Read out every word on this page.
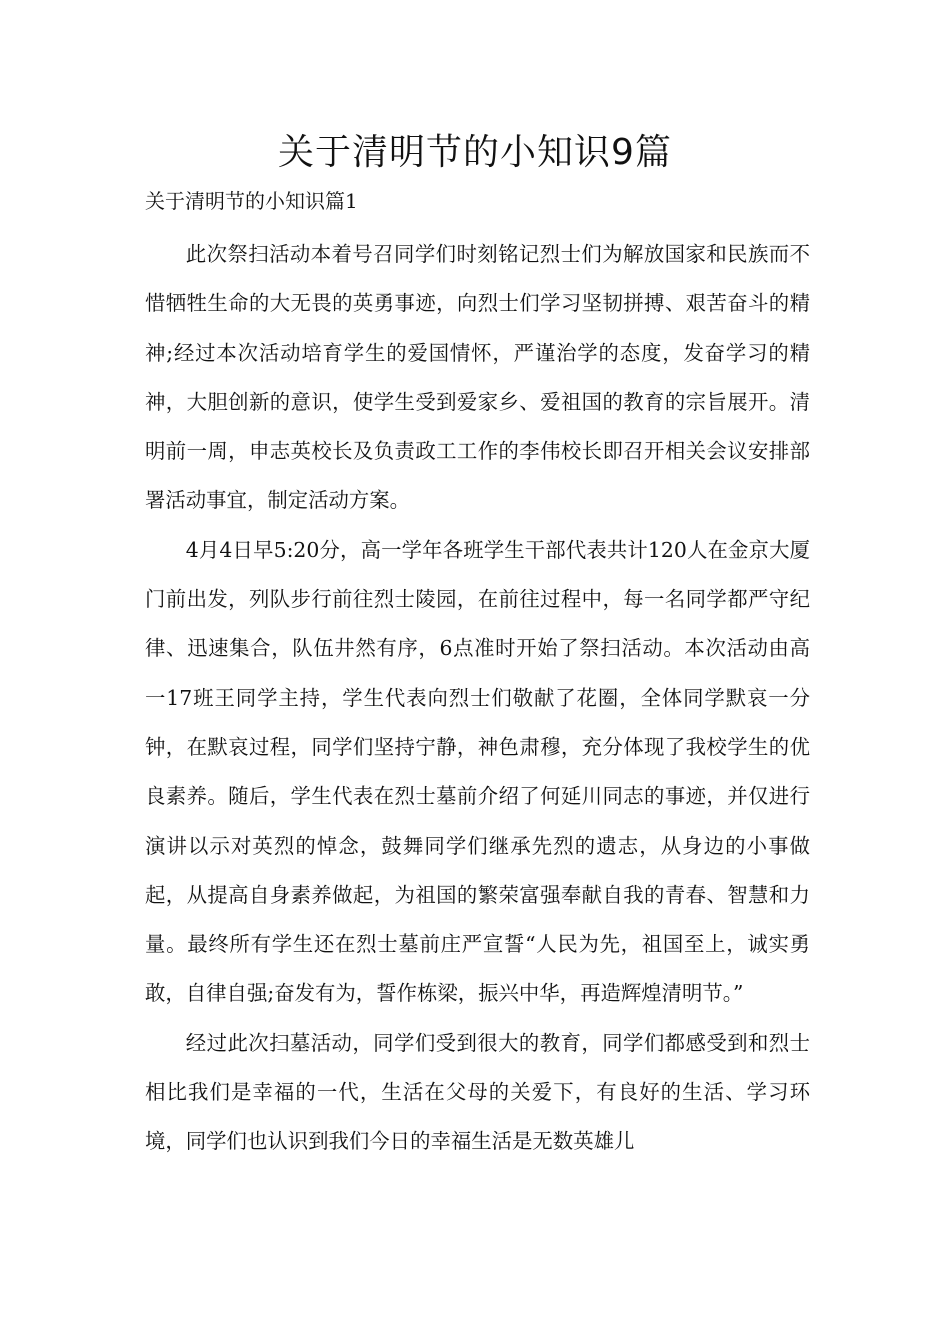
关于清明节的小知识9篇
关于清明节的小知识篇1

此次祭扫活动本着号召同学们时刻铭记烈士们为解放国家和民族而不惜牺牲生命的大无畏的英勇事迹，向烈士们学习坚韧拼搏、艰苦奋斗的精神;经过本次活动培育学生的爱国情怀，严谨治学的态度，发奋学习的精神，大胆创新的意识，使学生受到爱家乡、爱祖国的教育的宗旨展开。清明前一周，申志英校长及负责政工工作的李伟校长即召开相关会议安排部署活动事宜，制定活动方案。

4月4日早5:20分，高一学年各班学生干部代表共计120人在金京大厦门前出发，列队步行前往烈士陵园，在前往过程中，每一名同学都严守纪律、迅速集合，队伍井然有序，6点准时开始了祭扫活动。本次活动由高一17班王同学主持，学生代表向烈士们敬献了花圈，全体同学默哀一分钟，在默哀过程，同学们坚持宁静，神色肃穆，充分体现了我校学生的优良素养。随后，学生代表在烈士墓前介绍了何延川同志的事迹，并仅进行演讲以示对英烈的悼念，鼓舞同学们继承先烈的遗志，从身边的小事做起，从提高自身素养做起，为祖国的繁荣富强奉献自我的青春、智慧和力量。最终所有学生还在烈士墓前庄严宣誓“人民为先，祖国至上，诚实勇敢，自律自强;奋发有为，誓作栋梁，振兴中华，再造辉煌清明节。”

经过此次扫墓活动，同学们受到很大的教育，同学们都感受到和烈士相比我们是幸福的一代，生活在父母的关爱下，有良好的生活、学习环境，同学们也认识到我们今日的幸福生活是无数英雄儿
